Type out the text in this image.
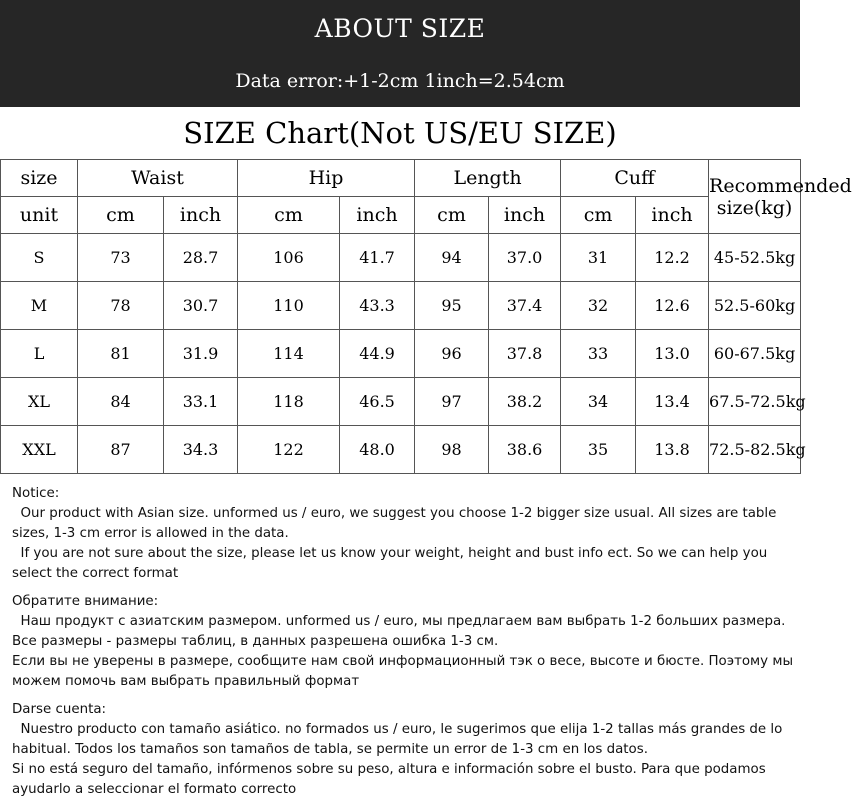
ABOUT SIZE
Data error:+1-2cm 1inch=2.54cm
SIZE Chart(Not US/EU SIZE)
size	Waist		Hip		Length		Cuff		Recommended
size(kg)

unit	cm	inch	cm	inch	cm	inch	cm	inch	
S	73	28.7	106	41.7	94	37.0	31	12.2	45-52.5kg
M	78	30.7	110	43.3	95	37.4	32	12.6	52.5-60kg
L	81	31.9	114	44.9	96	37.8	33	13.0	60-67.5kg
XL	84	33.1	118	46.5	97	38.2	34	13.4	67.5-72.5kg
XXL	87	34.3	122	48.0	98	38.6	35	13.8	72.5-82.5kg

Notice:

Our product with Asian size. unformed us / euro, we suggest you choose 1-2 bigger size usual. All sizes are table sizes, 1-3 cm error is allowed in the data.

If you are not sure about the size, please let us know your weight, height and bust info ect. So we can help you select the correct format

Обратите внимание:

Наш продукт с азиатским размером. unformed us / euro, мы предлагаем вам выбрать 1-2 больших размера. Все размеры - размеры таблиц, в данных разрешена ошибка 1-3 см.

Если вы не уверены в размере, сообщите нам свой информационный тэк о весе, высоте и бюсте. Поэтому мы можем помочь вам выбрать правильный формат

Darse cuenta:

Nuestro producto con tamaño asiático. no formados us / euro, le sugerimos que elija 1-2 tallas más grandes de lo habitual. Todos los tamaños son tamaños de tabla, se permite un error de 1-3 cm en los datos.

Si no está seguro del tamaño, infórmenos sobre su peso, altura e información sobre el busto. Para que podamos ayudarlo a seleccionar el formato correcto
